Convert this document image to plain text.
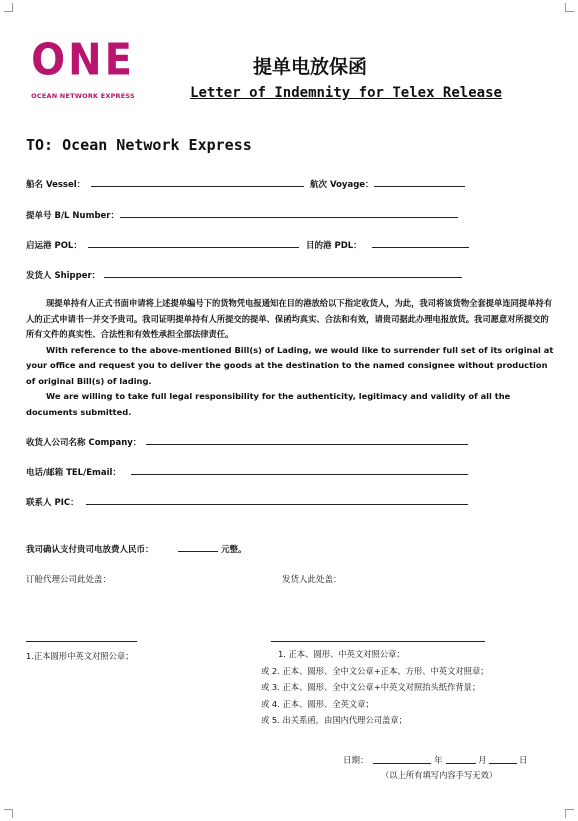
ONE
OCEAN NETWORK EXPRESS
提单电放保函
Letter of Indemnity for Telex Release
TO: Ocean Network Express
船名 Vessel：	航次 Voyage：
提单号 B/L Number：
启运港 POL：	目的港 PDL：
发货人 Shipper：

现提单持有人正式书面申请将上述提单编号下的货物凭电报通知在目的港放给以下指定收货人，为此，我司将该货物全套提单连同提单持有人的正式申请书一并交予贵司。我司证明提单持有人所提交的提单、保函均真实、合法和有效，请贵司据此办理电报放货。我司愿意对所提交的所有文件的真实性、合法性和有效性承担全部法律责任。

With reference to the above-mentioned Bill(s) of Lading, we would like to surrender full set of its original at your office and request you to deliver the goods at the destination to the named consignee without production of original Bill(s) of lading.

We are willing to take full legal responsibility for the authenticity, legitimacy and validity of all the documents submitted.

收货人公司名称 Company：
电话/邮箱 TEL/Email：
联系人 PIC：
我司确认支付贵司电放费人民币：	元整。
订舱代理公司此处盖：	发货人此处盖：
1.正本圆形中英文对照公章；	1. 正本、圆形、中英文对照公章；
或 2. 正本、圆形、全中文公章+正本、方形、中英文对照章；
或 3. 正本、圆形、全中文公章+中英文对照抬头纸作背景；
或 4. 正本、圆形、全英文章；
或 5. 出关系函，由国内代理公司盖章；
日期：	年	月	日
（以上所有填写内容手写无效）
